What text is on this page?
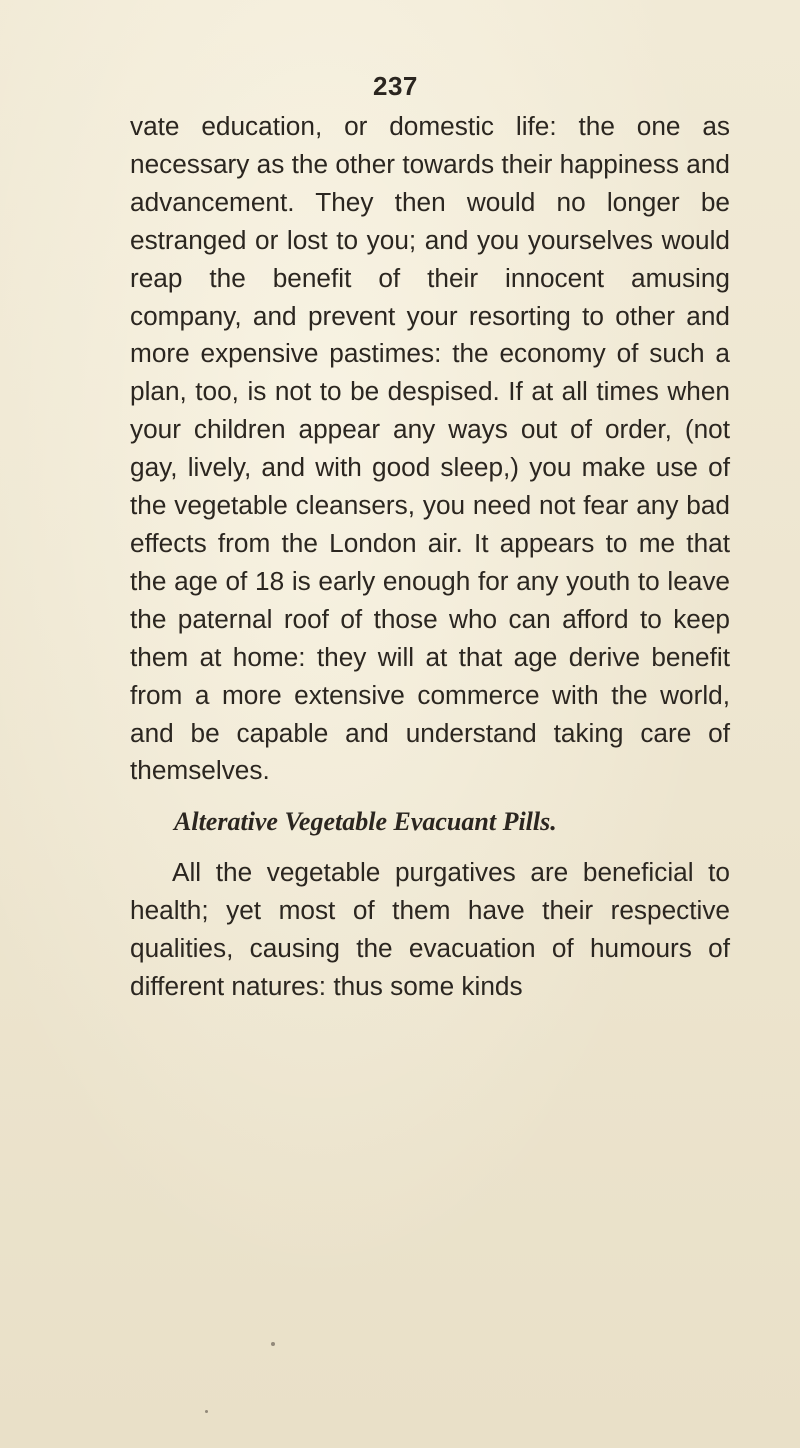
237

vate education, or domestic life: the one as necessary as the other towards their happiness and advancement. They then would no longer be estranged or lost to you; and you yourselves would reap the benefit of their innocent amusing company, and prevent your resorting to other and more expensive pastimes: the economy of such a plan, too, is not to be despised. If at all times when your children appear any ways out of order, (not gay, lively, and with good sleep,) you make use of the vegetable cleansers, you need not fear any bad effects from the London air. It appears to me that the age of 18 is early enough for any youth to leave the paternal roof of those who can afford to keep them at home: they will at that age derive benefit from a more extensive commerce with the world, and be capable and understand taking care of themselves.

Alterative Vegetable Evacuant Pills.

All the vegetable purgatives are beneficial to health; yet most of them have their respective qualities, causing the evacuation of humours of different natures: thus some kinds
